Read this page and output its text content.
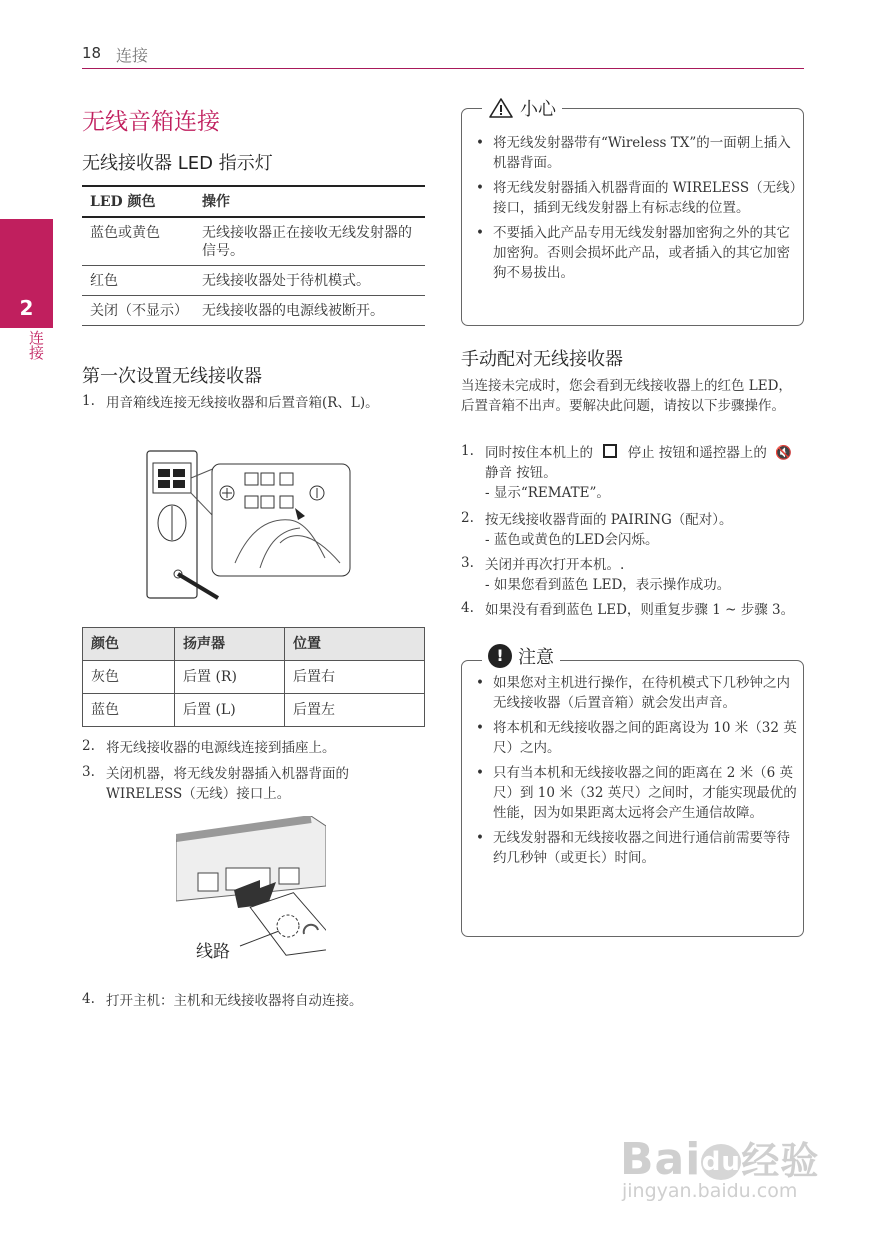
18 连接
2
连接
无线音箱连接
无线接收器 LED 指示灯
LED 颜色	操作
蓝色或黄色	无线接收器正在接收无线发射器的信号。
红色	无线接收器处于待机模式。
关闭（不显示）	无线接收器的电源线被断开。
第一次设置无线接收器
1. 用音箱线连接无线接收器和后置音箱(R、L)。
颜色	扬声器	位置
灰色	后置 (R)	后置右
蓝色	后置 (L)	后置左
2. 将无线接收器的电源线连接到插座上。
3. 关闭机器，将无线发射器插入机器背面的WIRELESS（无线）接口上。
线路
4. 打开主机：主机和无线接收器将自动连接。
• 将无线发射器带有“Wireless TX”的一面朝上插入机器背面。
• 将无线发射器插入机器背面的 WIRELESS（无线）接口，插到无线发射器上有标志线的位置。
• 不要插入此产品专用无线发射器加密狗之外的其它加密狗。否则会损坏此产品，或者插入的其它加密狗不易拔出。
小心
手动配对无线接收器
当连接未完成时，您会看到无线接收器上的红色 LED，后置音箱不出声。要解决此问题，请按以下步骤操作。
1. 同时按住本机上的	停止 按钮和遥控器上的 🔇 静音 按钮。
- 显示“REMATE”。
2. 按无线接收器背面的 PAIRING（配对）。
- 蓝色或黄色的LED会闪烁。
3. 关闭并再次打开本机。.
- 如果您看到蓝色 LED，表示操作成功。
4. 如果没有看到蓝色 LED，则重复步骤 1 ~ 步骤 3。
• 如果您对主机进行操作，在待机模式下几秒钟之内无线接收器（后置音箱）就会发出声音。
• 将本机和无线接收器之间的距离设为 10 米（32 英尺）之内。
• 只有当本机和无线接收器之间的距离在 2 米（6 英尺）到 10 米（32 英尺）之间时，才能实现最优的性能，因为如果距离太远将会产生通信故障。
• 无线发射器和无线接收器之间进行通信前需要等待约几秒钟（或更长）时间。
! 注意
Baidu经验
jingyan.baidu.com
